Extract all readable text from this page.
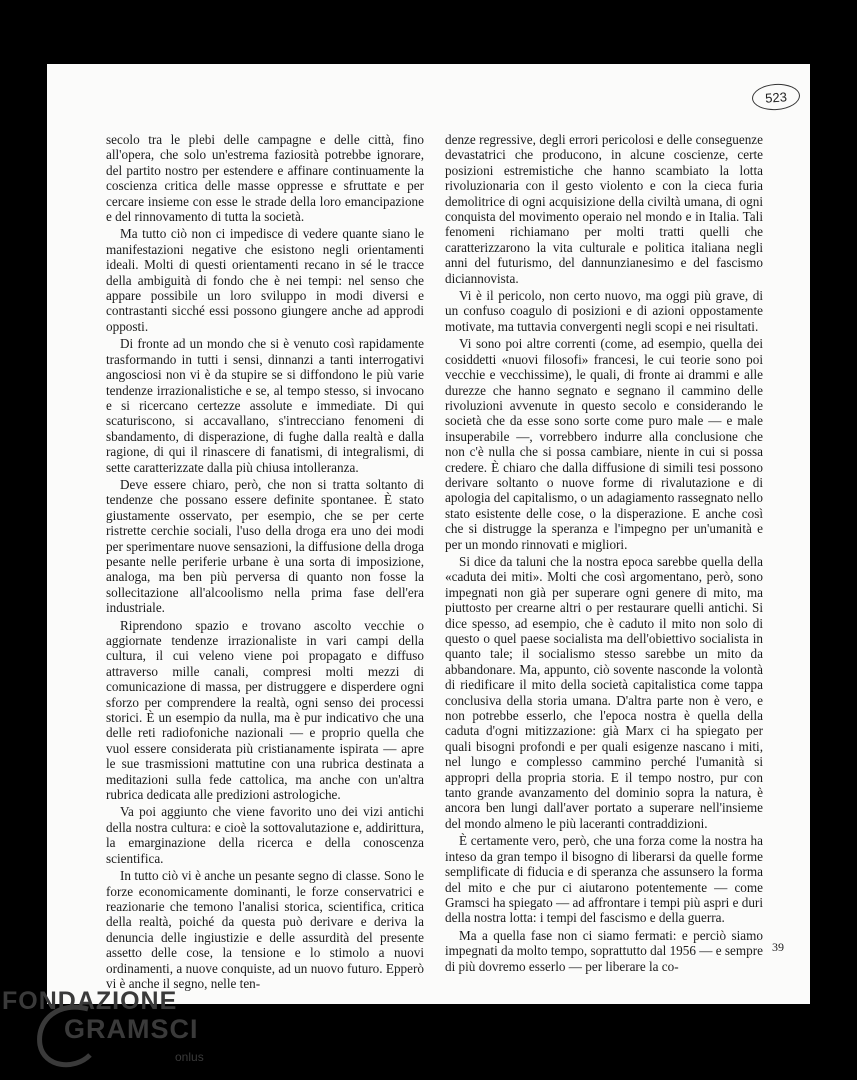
523

secolo tra le plebi delle campagne e delle città, fino all'opera, che solo un'estrema faziosità potrebbe ignorare, del partito nostro per estendere e affinare continuamente la coscienza critica delle masse oppresse e sfruttate e per cercare insieme con esse le strade della loro emancipazione e del rinnovamento di tutta la società.

Ma tutto ciò non ci impedisce di vedere quante siano le manifestazioni negative che esistono negli orientamenti ideali. Molti di questi orientamenti recano in sé le tracce della ambiguità di fondo che è nei tempi: nel senso che appare possibile un loro sviluppo in modi diversi e contrastanti sicché essi possono giungere anche ad approdi opposti.

Di fronte ad un mondo che si è venuto così rapidamente trasformando in tutti i sensi, dinnanzi a tanti interrogativi angosciosi non vi è da stupire se si diffondono le più varie tendenze irrazionalistiche e se, al tempo stesso, si invocano e si ricercano certezze assolute e immediate. Di qui scaturiscono, si accavallano, s'intrecciano fenomeni di sbandamento, di disperazione, di fughe dalla realtà e dalla ragione, di qui il rinascere di fanatismi, di integralismi, di sette caratterizzate dalla più chiusa intolleranza.

Deve essere chiaro, però, che non si tratta soltanto di tendenze che possano essere definite spontanee. È stato giustamente osservato, per esempio, che se per certe ristrette cerchie sociali, l'uso della droga era uno dei modi per sperimentare nuove sensazioni, la diffusione della droga pesante nelle periferie urbane è una sorta di imposizione, analoga, ma ben più perversa di quanto non fosse la sollecitazione all'alcoolismo nella prima fase dell'era industriale.

Riprendono spazio e trovano ascolto vecchie o aggiornate tendenze irrazionaliste in vari campi della cultura, il cui veleno viene poi propagato e diffuso attraverso mille canali, compresi molti mezzi di comunicazione di massa, per distruggere e disperdere ogni sforzo per comprendere la realtà, ogni senso dei processi storici. È un esempio da nulla, ma è pur indicativo che una delle reti radiofoniche nazionali — e proprio quella che vuol essere considerata più cristianamente ispirata — apre le sue trasmissioni mattutine con una rubrica destinata a meditazioni sulla fede cattolica, ma anche con un'altra rubrica dedicata alle predizioni astrologiche.

Va poi aggiunto che viene favorito uno dei vizi antichi della nostra cultura: e cioè la sottovalutazione e, addirittura, la emarginazione della ricerca e della conoscenza scientifica.

In tutto ciò vi è anche un pesante segno di classe. Sono le forze economicamente dominanti, le forze conservatrici e reazionarie che temono l'analisi storica, scientifica, critica della realtà, poiché da questa può derivare e deriva la denuncia delle ingiustizie e delle assurdità del presente assetto delle cose, la tensione e lo stimolo a nuovi ordinamenti, a nuove conquiste, ad un nuovo futuro. Epperò vi è anche il segno, nelle ten-

denze regressive, degli errori pericolosi e delle conseguenze devastatrici che producono, in alcune coscienze, certe posizioni estremistiche che hanno scambiato la lotta rivoluzionaria con il gesto violento e con la cieca furia demolitrice di ogni acquisizione della civiltà umana, di ogni conquista del movimento operaio nel mondo e in Italia. Tali fenomeni richiamano per molti tratti quelli che caratterizzarono la vita culturale e politica italiana negli anni del futurismo, del dannunzianesimo e del fascismo diciannovista.

Vi è il pericolo, non certo nuovo, ma oggi più grave, di un confuso coagulo di posizioni e di azioni oppostamente motivate, ma tuttavia convergenti negli scopi e nei risultati.

Vi sono poi altre correnti (come, ad esempio, quella dei cosiddetti «nuovi filosofi» francesi, le cui teorie sono poi vecchie e vecchissime), le quali, di fronte ai drammi e alle durezze che hanno segnato e segnano il cammino delle rivoluzioni avvenute in questo secolo e considerando le società che da esse sono sorte come puro male — e male insuperabile —, vorrebbero indurre alla conclusione che non c'è nulla che si possa cambiare, niente in cui si possa credere. È chiaro che dalla diffusione di simili tesi possono derivare soltanto o nuove forme di rivalutazione e di apologia del capitalismo, o un adagiamento rassegnato nello stato esistente delle cose, o la disperazione. E anche così che si distrugge la speranza e l'impegno per un'umanità e per un mondo rinnovati e migliori.

Si dice da taluni che la nostra epoca sarebbe quella della «caduta dei miti». Molti che così argomentano, però, sono impegnati non già per superare ogni genere di mito, ma piuttosto per crearne altri o per restaurare quelli antichi. Si dice spesso, ad esempio, che è caduto il mito non solo di questo o quel paese socialista ma dell'obiettivo socialista in quanto tale; il socialismo stesso sarebbe un mito da abbandonare. Ma, appunto, ciò sovente nasconde la volontà di riedificare il mito della società capitalistica come tappa conclusiva della storia umana. D'altra parte non è vero, e non potrebbe esserlo, che l'epoca nostra è quella della caduta d'ogni mitizzazione: già Marx ci ha spiegato per quali bisogni profondi e per quali esigenze nascano i miti, nel lungo e complesso cammino perché l'umanità si appropri della propria storia. E il tempo nostro, pur con tanto grande avanzamento del dominio sopra la natura, è ancora ben lungi dall'aver portato a superare nell'insieme del mondo almeno le più laceranti contraddizioni.

È certamente vero, però, che una forza come la nostra ha inteso da gran tempo il bisogno di liberarsi da quelle forme semplificate di fiducia e di speranza che assunsero la forma del mito e che pur ci aiutarono potentemente — come Gramsci ha spiegato — ad affrontare i tempi più aspri e duri della nostra lotta: i tempi del fascismo e della guerra.

Ma a quella fase non ci siamo fermati: e perciò siamo impegnati da molto tempo, soprattutto dal 1956 — e sempre di più dovremo esserlo — per liberare la co-

39
FONDAZIONE
GRAMSCI
onlus
